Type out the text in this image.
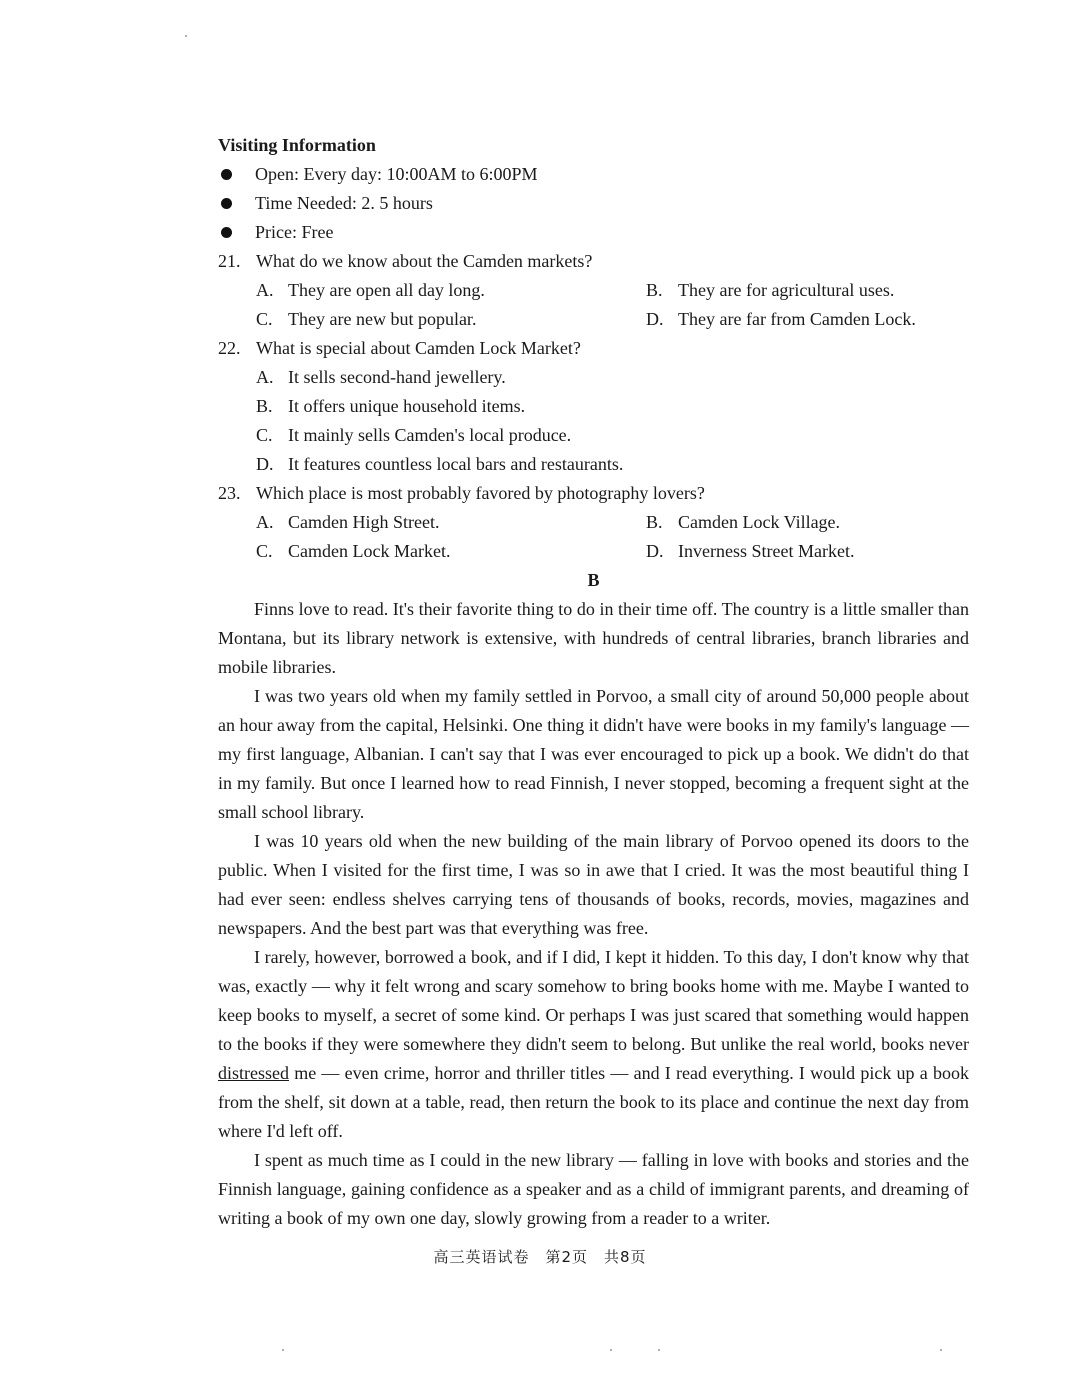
Visiting Information
Open: Every day: 10:00AM to 6:00PM
Time Needed: 2. 5 hours
Price: Free
21. What do we know about the Camden markets?
A. They are open all day long.	B. They are for agricultural uses.
C. They are new but popular.	D. They are far from Camden Lock.
22. What is special about Camden Lock Market?
A. It sells second-hand jewellery.
B. It offers unique household items.
C. It mainly sells Camden's local produce.
D. It features countless local bars and restaurants.
23. Which place is most probably favored by photography lovers?
A. Camden High Street.	B. Camden Lock Village.
C. Camden Lock Market.	D. Inverness Street Market.
B

Finns love to read. It's their favorite thing to do in their time off. The country is a little smaller than Montana, but its library network is extensive, with hundreds of central libraries, branch libraries and mobile libraries.

I was two years old when my family settled in Porvoo, a small city of around 50,000 people about an hour away from the capital, Helsinki. One thing it didn't have were books in my family's language — my first language, Albanian. I can't say that I was ever encouraged to pick up a book. We didn't do that in my family. But once I learned how to read Finnish, I never stopped, becoming a frequent sight at the small school library.

I was 10 years old when the new building of the main library of Porvoo opened its doors to the public. When I visited for the first time, I was so in awe that I cried. It was the most beautiful thing I had ever seen: endless shelves carrying tens of thousands of books, records, movies, magazines and newspapers. And the best part was that everything was free.

I rarely, however, borrowed a book, and if I did, I kept it hidden. To this day, I don't know why that was, exactly — why it felt wrong and scary somehow to bring books home with me. Maybe I wanted to keep books to myself, a secret of some kind. Or perhaps I was just scared that something would happen to the books if they were somewhere they didn't seem to belong. But unlike the real world, books never distressed me — even crime, horror and thriller titles — and I read everything. I would pick up a book from the shelf, sit down at a table, read, then return the book to its place and continue the next day from where I'd left off.

I spent as much time as I could in the new library — falling in love with books and stories and the Finnish language, gaining confidence as a speaker and as a child of immigrant parents, and dreaming of writing a book of my own one day, slowly growing from a reader to a writer.

高三英语试卷 第2页 共8页
